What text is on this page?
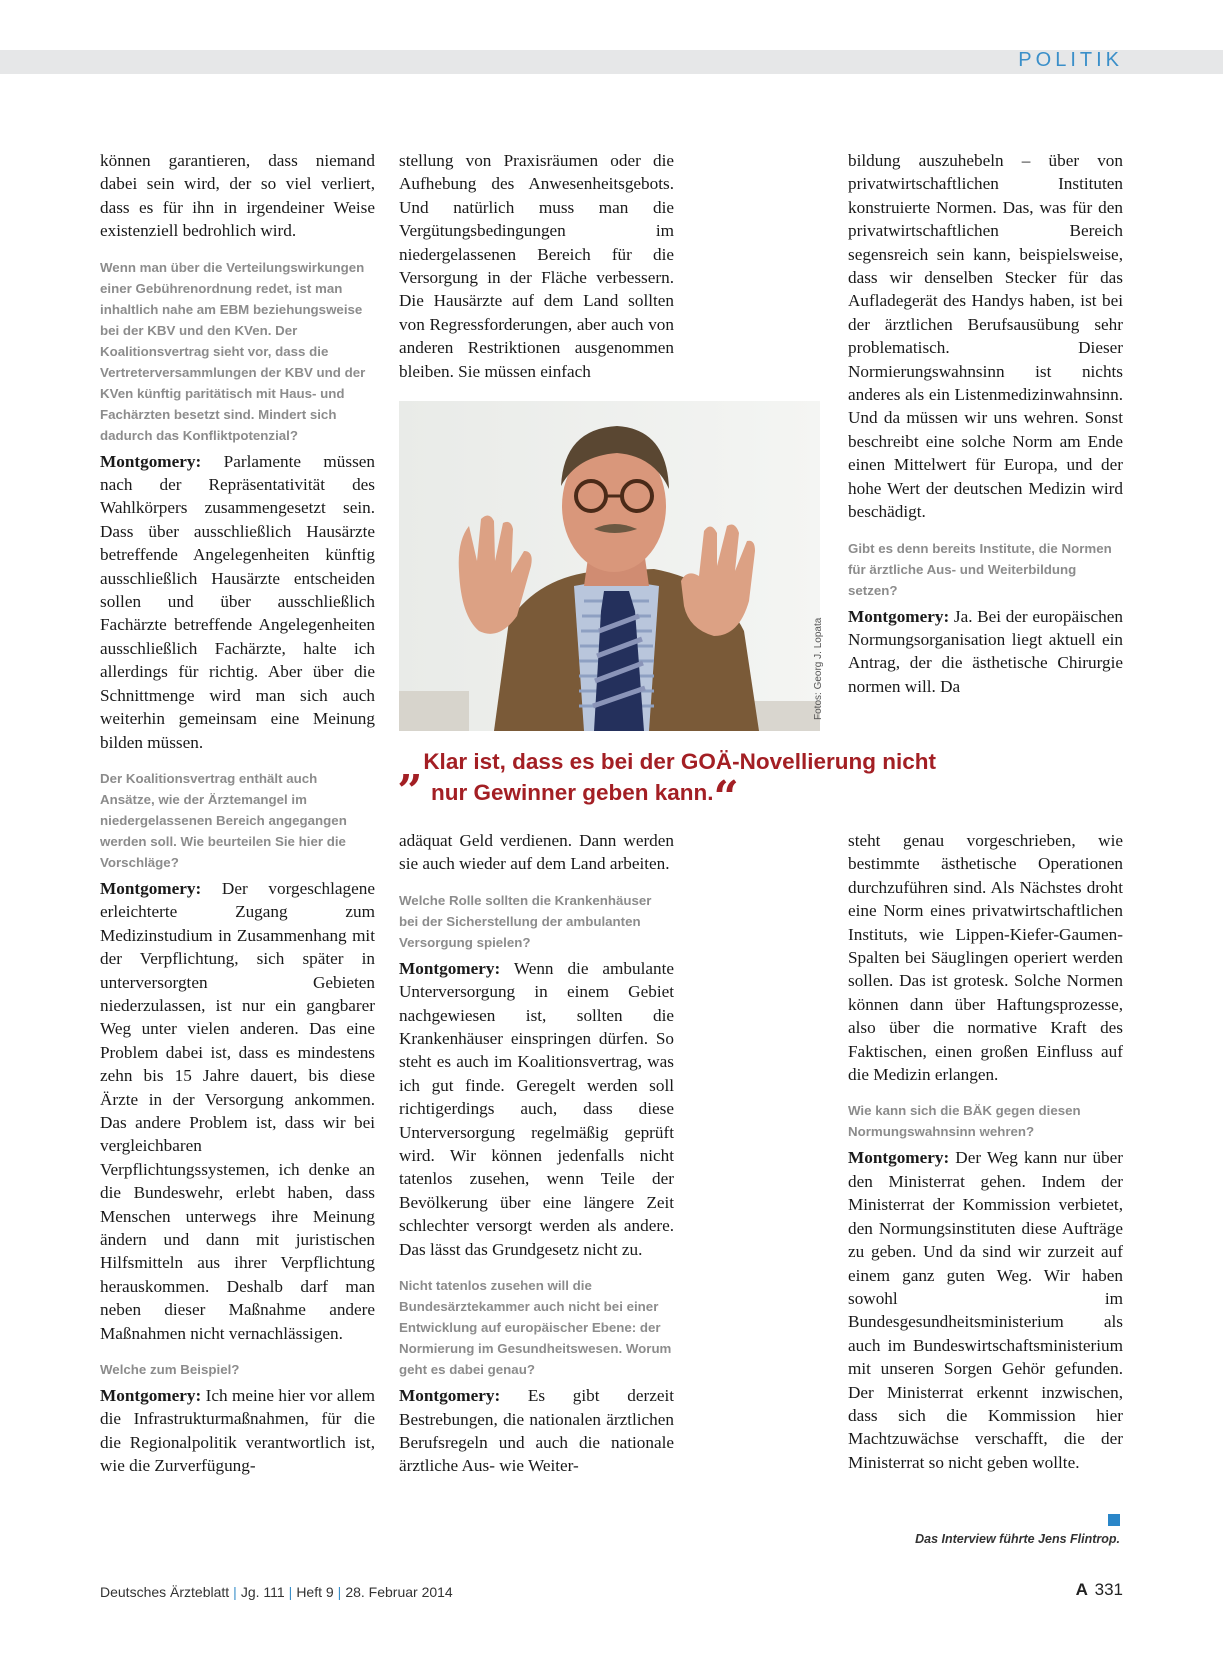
POLITIK

können garantieren, dass niemand dabei sein wird, der so viel verliert, dass es für ihn in irgendeiner Weise existenziell bedrohlich wird.

Wenn man über die Verteilungswirkungen einer Gebührenordnung redet, ist man inhaltlich nahe am EBM beziehungsweise bei der KBV und den KVen. Der Koalitionsvertrag sieht vor, dass die Vertreterversammlungen der KBV und der KVen künftig paritätisch mit Haus- und Fachärzten besetzt sind. Mindert sich dadurch das Konfliktpotenzial?

Montgomery: Parlamente müssen nach der Repräsentativität des Wahlkörpers zusammengesetzt sein. Dass über ausschließlich Hausärzte betreffende Angelegenheiten künftig ausschließlich Hausärzte entscheiden sollen und über ausschließlich Fachärzte betreffende Angelegenheiten ausschließlich Fachärzte, halte ich allerdings für richtig. Aber über die Schnittmenge wird man sich auch weiterhin gemeinsam eine Meinung bilden müssen.

Der Koalitionsvertrag enthält auch Ansätze, wie der Ärztemangel im niedergelassenen Bereich angegangen werden soll. Wie beurteilen Sie hier die Vorschläge?

Montgomery: Der vorgeschlagene erleichterte Zugang zum Medizinstudium in Zusammenhang mit der Verpflichtung, sich später in unterversorgten Gebieten niederzulassen, ist nur ein gangbarer Weg unter vielen anderen. Das eine Problem dabei ist, dass es mindestens zehn bis 15 Jahre dauert, bis diese Ärzte in der Versorgung ankommen. Das andere Problem ist, dass wir bei vergleichbaren Verpflichtungssystemen, ich denke an die Bundeswehr, erlebt haben, dass Menschen unterwegs ihre Meinung ändern und dann mit juristischen Hilfsmitteln aus ihrer Verpflichtung herauskommen. Deshalb darf man neben dieser Maßnahme andere Maßnahmen nicht vernachlässigen.

Welche zum Beispiel?

Montgomery: Ich meine hier vor allem die Infrastrukturmaßnahmen, für die die Regionalpolitik verantwortlich ist, wie die Zurverfügung-

stellung von Praxisräumen oder die Aufhebung des Anwesenheitsgebots. Und natürlich muss man die Vergütungsbedingungen im niedergelassenen Bereich für die Versorgung in der Fläche verbessern. Die Hausärzte auf dem Land sollten von Regressforderungen, aber auch von anderen Restriktionen ausgenommen bleiben. Sie müssen einfach

Fotos: Georg J. Lopata
„Klar ist, dass es bei der GOÄ-Novellierung nicht
nur Gewinner geben kann.“

adäquat Geld verdienen. Dann werden sie auch wieder auf dem Land arbeiten.

Welche Rolle sollten die Krankenhäuser bei der Sicherstellung der ambulanten Versorgung spielen?

Montgomery: Wenn die ambulante Unterversorgung in einem Gebiet nachgewiesen ist, sollten die Krankenhäuser einspringen dürfen. So steht es auch im Koalitionsvertrag, was ich gut finde. Geregelt werden soll richtigerdings auch, dass diese Unterversorgung regelmäßig geprüft wird. Wir können jedenfalls nicht tatenlos zusehen, wenn Teile der Bevölkerung über eine längere Zeit schlechter versorgt werden als andere. Das lässt das Grundgesetz nicht zu.

Nicht tatenlos zusehen will die Bundesärztekammer auch nicht bei einer Entwicklung auf europäischer Ebene: der Normierung im Gesundheitswesen. Worum geht es dabei genau?

Montgomery: Es gibt derzeit Bestrebungen, die nationalen ärztlichen Berufsregeln und auch die nationale ärztliche Aus- wie Weiter-

bildung auszuhebeln – über von privatwirtschaftlichen Instituten konstruierte Normen. Das, was für den privatwirtschaftlichen Bereich segensreich sein kann, beispielsweise, dass wir denselben Stecker für das Aufladegerät des Handys haben, ist bei der ärztlichen Berufsausübung sehr problematisch. Dieser Normierungswahnsinn ist nichts anderes als ein Listenmedizinwahnsinn. Und da müssen wir uns wehren. Sonst beschreibt eine solche Norm am Ende einen Mittelwert für Europa, und der hohe Wert der deutschen Medizin wird beschädigt.

Gibt es denn bereits Institute, die Normen für ärztliche Aus- und Weiterbildung setzen?

Montgomery: Ja. Bei der europäischen Normungsorganisation liegt aktuell ein Antrag, der die ästhetische Chirurgie normen will. Da

steht genau vorgeschrieben, wie bestimmte ästhetische Operationen durchzuführen sind. Als Nächstes droht eine Norm eines privatwirtschaftlichen Instituts, wie Lippen-Kiefer-Gaumen-Spalten bei Säuglingen operiert werden sollen. Das ist grotesk. Solche Normen können dann über Haftungsprozesse, also über die normative Kraft des Faktischen, einen großen Einfluss auf die Medizin erlangen.

Wie kann sich die BÄK gegen diesen Normungswahnsinn wehren?

Montgomery: Der Weg kann nur über den Ministerrat gehen. Indem der Ministerrat der Kommission verbietet, den Normungsinstituten diese Aufträge zu geben. Und da sind wir zurzeit auf einem ganz guten Weg. Wir haben sowohl im Bundesgesundheitsministerium als auch im Bundeswirtschaftsministerium mit unseren Sorgen Gehör gefunden. Der Ministerrat erkennt inzwischen, dass sich die Kommission hier Machtzuwächse verschafft, die der Ministerrat so nicht geben wollte.

Das Interview führte Jens Flintrop.
Deutsches Ärzteblatt | Jg. 111 | Heft 9 | 28. Februar 2014	A 331
